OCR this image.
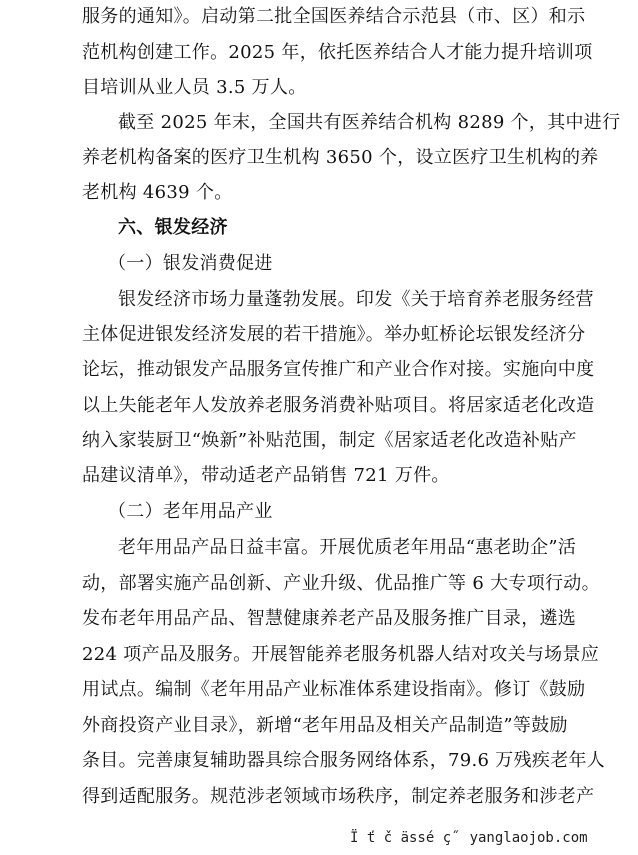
服务的通知》。启动第二批全国医养结合示范县（市、区）和示
范机构创建工作。2025 年，依托医养结合人才能力提升培训项
目培训从业人员 3.5 万人。
截至 2025 年末，全国共有医养结合机构 8289 个，其中进行
养老机构备案的医疗卫生机构 3650 个，设立医疗卫生机构的养
老机构 4639 个。
六、银发经济
（一）银发消费促进
银发经济市场力量蓬勃发展。印发《关于培育养老服务经营
主体促进银发经济发展的若干措施》。举办虹桥论坛银发经济分
论坛，推动银发产品服务宣传推广和产业合作对接。实施向中度
以上失能老年人发放养老服务消费补贴项目。将居家适老化改造
纳入家装厨卫“焕新”补贴范围，制定《居家适老化改造补贴产
品建议清单》，带动适老产品销售 721 万件。
（二）老年用品产业
老年用品产品日益丰富。开展优质老年用品“惠老助企”活
动，部署实施产品创新、产业升级、优品推广等 6 大专项行动。
发布老年用品产品、智慧健康养老产品及服务推广目录，遴选
224 项产品及服务。开展智能养老服务机器人结对攻关与场景应
用试点。编制《老年用品产业标准体系建设指南》。修订《鼓励
外商投资产业目录》，新增“老年用品及相关产品制造”等鼓励
条目。完善康复辅助器具综合服务网络体系，79.6 万残疾老年人
得到适配服务。规范涉老领域市场秩序，制定养老服务和涉老产
Ï ť č ässé ç˝ yanglaojob.com
